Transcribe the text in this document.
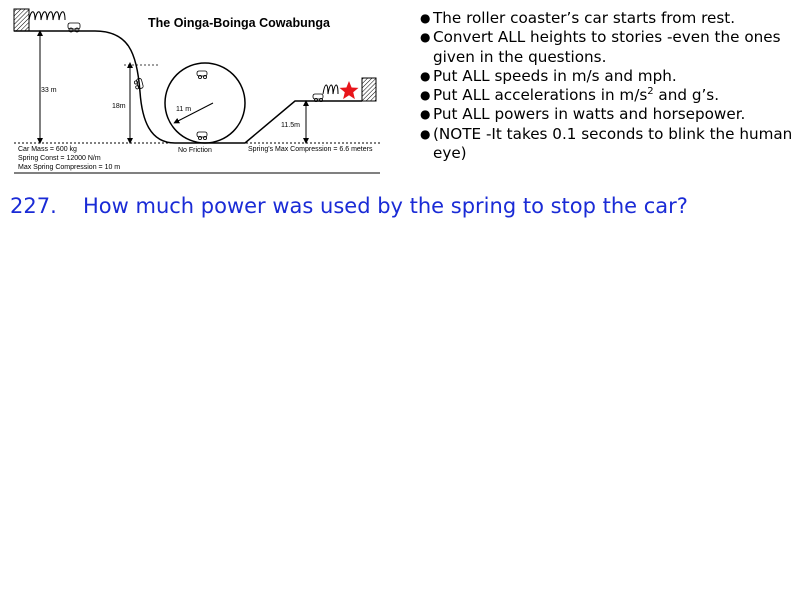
The Oinga-Boinga Cowabunga
33 m
18m	11 m
11.5m
No Friction	Spring's Max Compression = 6.6 meters
Car Mass = 600 kg
Spring Const = 12000 N/m
Max Spring Compression = 10 m
● The roller coaster’s car starts from rest.
● Convert ALL heights to stories -even the ones given in the questions.
● Put ALL speeds in m/s and mph.
● Put ALL accelerations in $m/s^2$ and g’s.
● Put ALL powers in watts and horsepower.
● (NOTE -It takes 0.1 seconds to blink the human eye)
227. How much power was used by the spring to stop the car?
